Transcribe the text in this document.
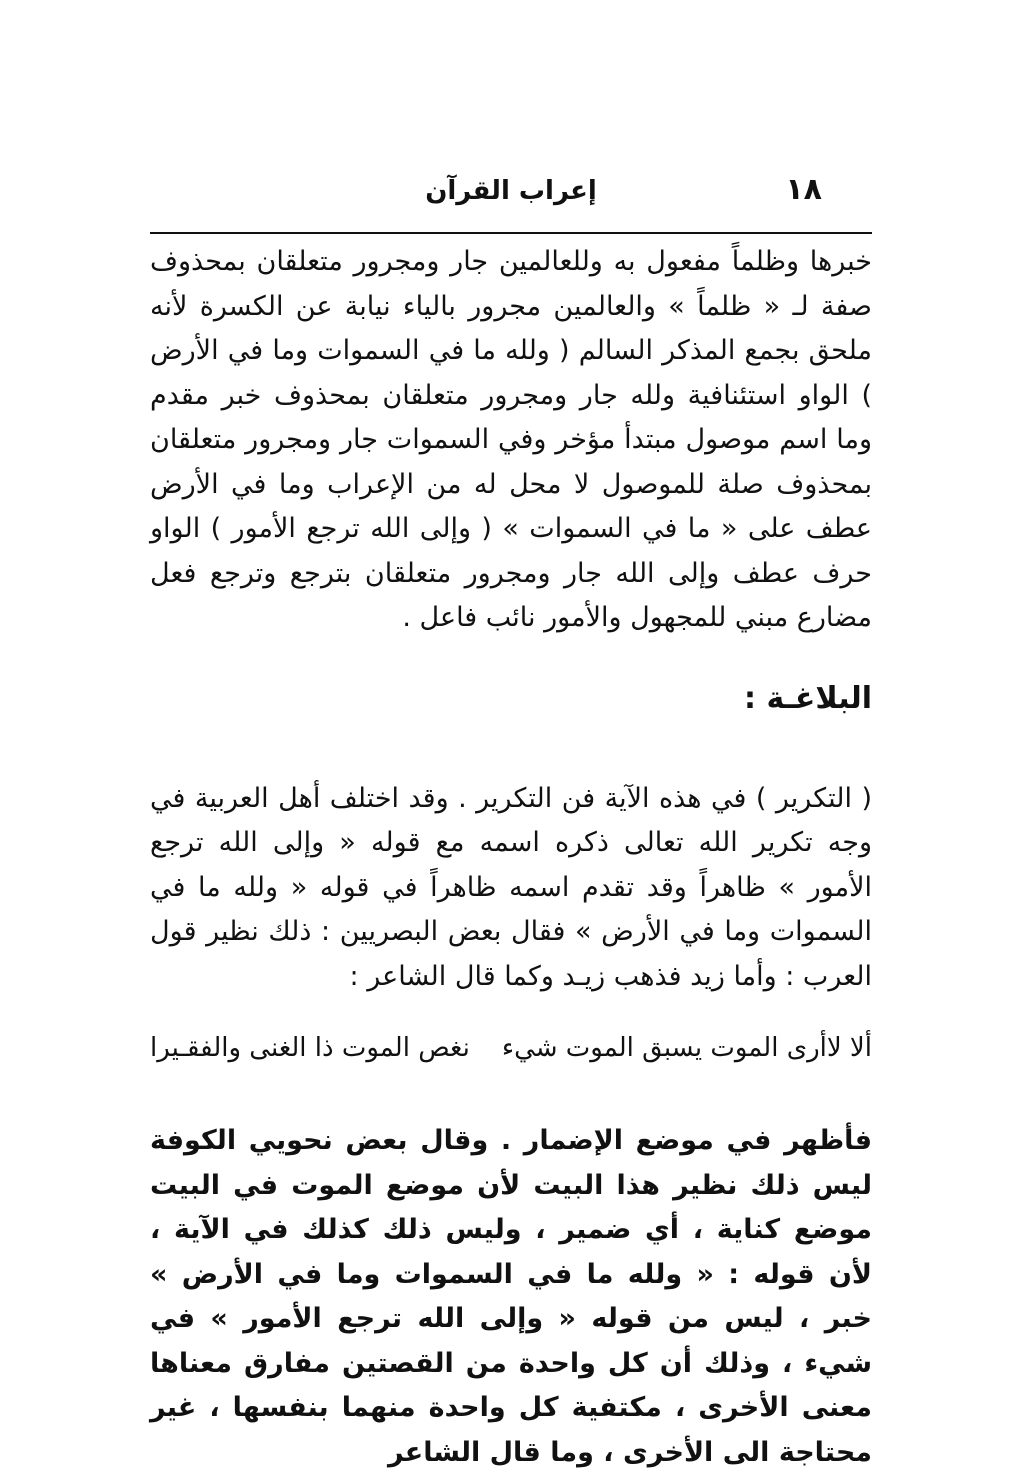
١٨
إعراب القرآن

خبرها وظلماً مفعول به وللعالمين جار ومجرور متعلقان بمحذوف صفة لـ « ظلماً » والعالمين مجرور بالياء نيابة عن الكسرة لأنه ملحق بجمع المذكر السالم ( ولله ما في السموات وما في الأرض ) الواو استئنافية ولله جار ومجرور متعلقان بمحذوف خبر مقدم وما اسم موصول مبتدأ مؤخر وفي السموات جار ومجرور متعلقان بمحذوف صلة للموصول لا محل له من الإعراب وما في الأرض عطف على « ما في السموات » ( وإلى الله ترجع الأمور ) الواو حرف عطف وإلى الله جار ومجرور متعلقان بترجع وترجع فعل مضارع مبني للمجهول والأمور نائب فاعل .

البلاغـة :

( التكرير ) في هذه الآية فن التكرير . وقد اختلف أهل العربية في وجه تكرير الله تعالى ذكره اسمه مع قوله « وإلى الله ترجع الأمور » ظاهراً وقد تقدم اسمه ظاهراً في قوله « ولله ما في السموات وما في الأرض » فقال بعض البصريين : ذلك نظير قول العرب : وأما زيد فذهب زيـد وكما قال الشاعر :

ألا لاأرى الموت يسبق الموت شيء
نغص الموت ذا الغنى والفقـيرا

فأظهر في موضع الإضمار . وقال بعض نحويي الكوفة ليس ذلك نظير هذا البيت لأن موضع الموت في البيت موضع كناية ، أي ضمير ، وليس ذلك كذلك في الآية ، لأن قوله : « ولله ما في السموات وما في الأرض » خبر ، ليس من قوله « وإلى الله ترجع الأمور » في شيء ، وذلك أن كل واحدة من القصتين مفارق معناها معنى الأخرى ، مكتفية كل واحدة منهما بنفسها ، غير محتاجة الى الأخرى ، وما قال الشاعر
